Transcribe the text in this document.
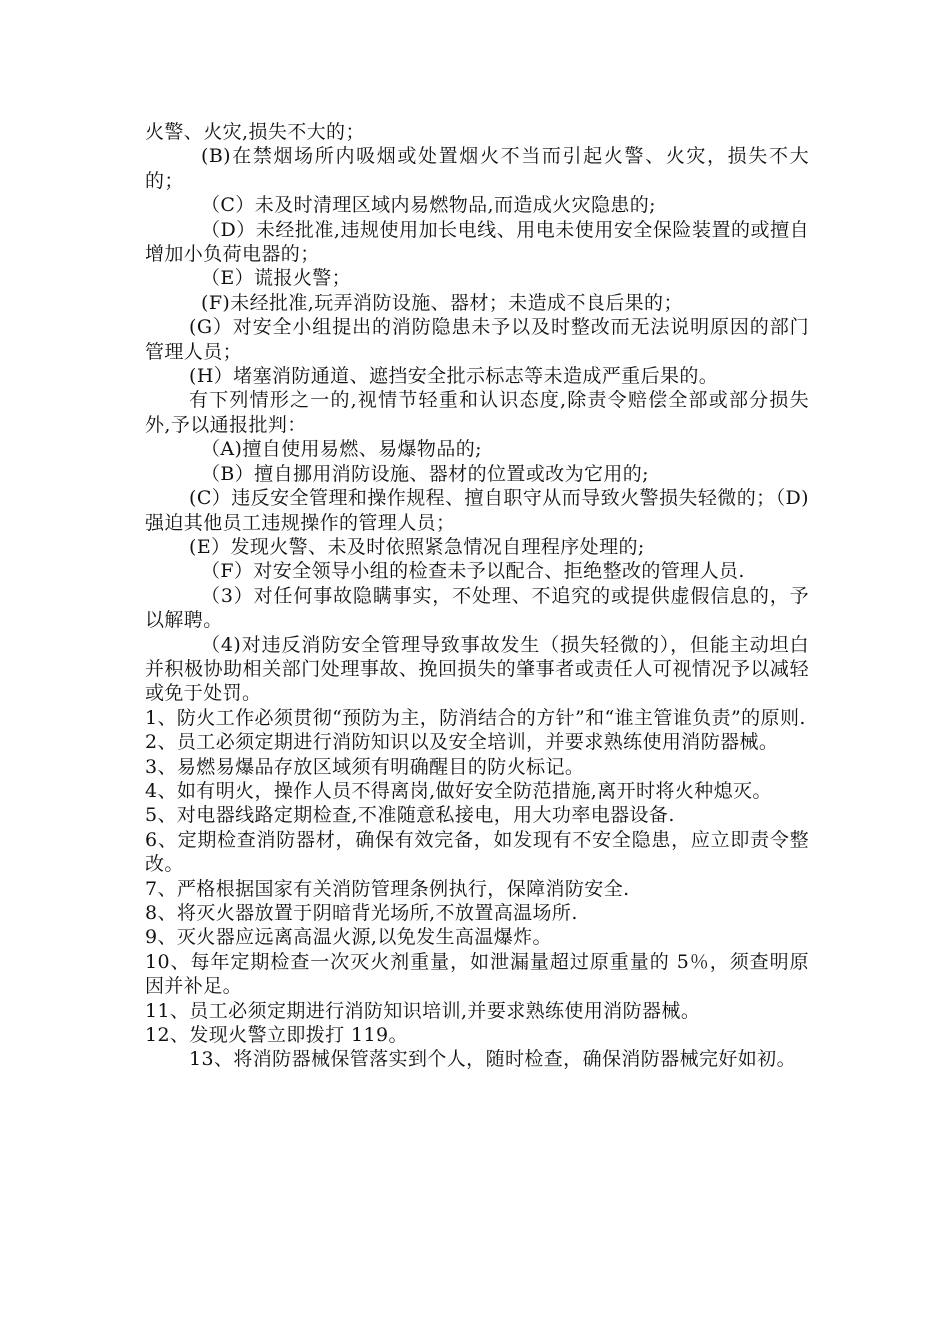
火警、火灾,损失不大的；

(B)在禁烟场所内吸烟或处置烟火不当而引起火警、火灾，损失不大的；

（C）未及时清理区域内易燃物品,而造成火灾隐患的;

（D）未经批准,违规使用加长电线、用电未使用安全保险装置的或擅自增加小负荷电器的；

（E）谎报火警；

(F)未经批准,玩弄消防设施、器材；未造成不良后果的；

(G）对安全小组提出的消防隐患未予以及时整改而无法说明原因的部门管理人员；

(H）堵塞消防通道、遮挡安全批示标志等未造成严重后果的。

有下列情形之一的,视情节轻重和认识态度,除责令赔偿全部或部分损失外,予以通报批判：

（A)擅自使用易燃、易爆物品的;

（B）擅自挪用消防设施、器材的位置或改为它用的;

(C）违反安全管理和操作规程、擅自职守从而导致火警损失轻微的；（D)强迫其他员工违规操作的管理人员；

(E）发现火警、未及时依照紧急情况自理程序处理的;

（F）对安全领导小组的检查未予以配合、拒绝整改的管理人员.

（3）对任何事故隐瞒事实，不处理、不追究的或提供虚假信息的，予以解聘。

（4)对违反消防安全管理导致事故发生（损失轻微的），但能主动坦白并积极协助相关部门处理事故、挽回损失的肇事者或责任人可视情况予以减轻或免于处罚。

1、防火工作必须贯彻“预防为主，防消结合的方针”和“谁主管谁负责”的原则.

2、员工必须定期进行消防知识以及安全培训，并要求熟练使用消防器械。

3、易燃易爆品存放区域须有明确醒目的防火标记。

4、如有明火，操作人员不得离岗,做好安全防范措施,离开时将火种熄灭。

5、对电器线路定期检查,不准随意私接电，用大功率电器设备.

6、定期检查消防器材，确保有效完备，如发现有不安全隐患，应立即责令整改。

7、严格根据国家有关消防管理条例执行，保障消防安全.

8、将灭火器放置于阴暗背光场所,不放置高温场所.

9、灭火器应远离高温火源,以免发生高温爆炸。

10、每年定期检查一次灭火剂重量，如泄漏量超过原重量的 5％，须查明原因并补足。

11、员工必须定期进行消防知识培训,并要求熟练使用消防器械。

12、发现火警立即拨打 119。

13、将消防器械保管落实到个人，随时检查，确保消防器械完好如初。
